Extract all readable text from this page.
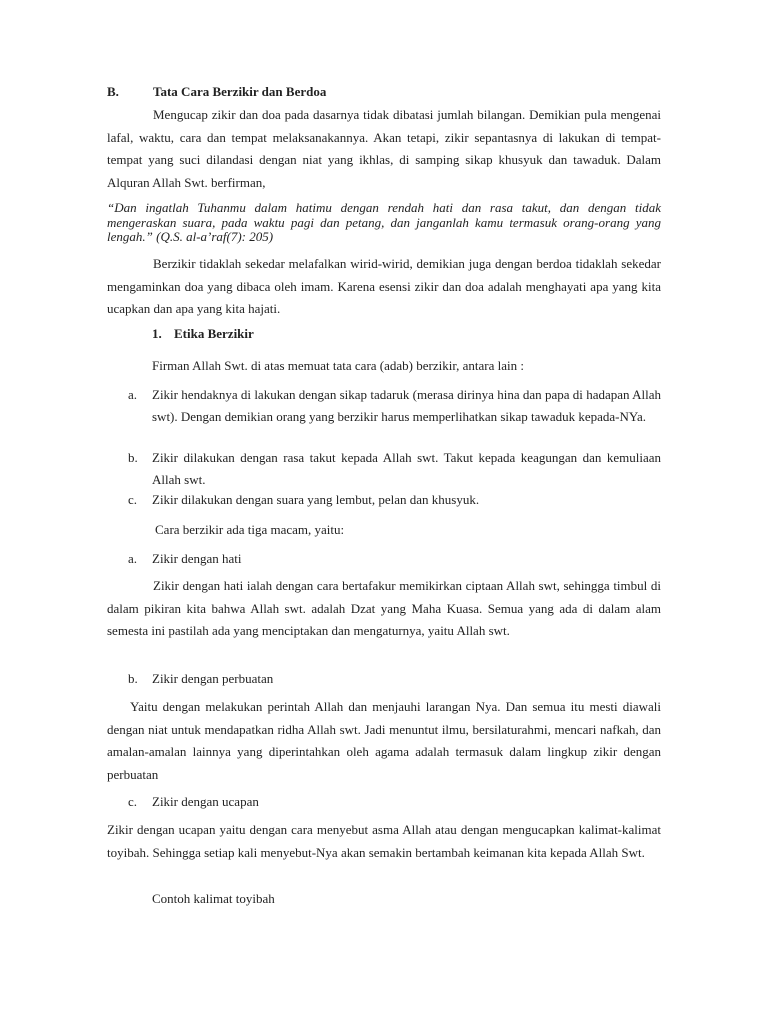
B.	Tata Cara Berzikir dan Berdoa
Mengucap zikir dan doa pada dasarnya tidak dibatasi jumlah bilangan. Demikian pula mengenai lafal, waktu, cara dan tempat melaksanakannya. Akan tetapi, zikir sepantasnya di lakukan di tempat-tempat yang suci dilandasi dengan niat yang ikhlas, di samping sikap khusyuk dan tawaduk. Dalam Alquran Allah Swt. berfirman,
“Dan ingatlah Tuhanmu dalam hatimu dengan rendah hati dan rasa takut, dan dengan tidak mengeraskan suara, pada waktu pagi dan petang, dan janganlah kamu termasuk orang-orang yang lengah.” (Q.S. al-a’raf(7): 205)
Berzikir tidaklah sekedar melafalkan wirid-wirid, demikian juga dengan berdoa tidaklah sekedar mengaminkan doa yang dibaca oleh imam. Karena esensi zikir dan doa adalah menghayati apa yang kita ucapkan dan apa yang kita hajati.
1. Etika Berzikir
Firman Allah Swt. di atas memuat tata cara (adab) berzikir, antara lain :
a.	Zikir hendaknya di lakukan dengan sikap tadaruk (merasa dirinya hina dan papa di hadapan Allah swt). Dengan demikian orang yang berzikir harus memperlihatkan sikap tawaduk kepada-NYa.
b.	Zikir dilakukan dengan rasa takut kepada Allah swt. Takut kepada keagungan dan kemuliaan Allah swt.
c.	Zikir dilakukan dengan suara yang lembut, pelan dan khusyuk.
Cara berzikir ada tiga macam, yaitu:
a.	Zikir dengan hati
Zikir dengan hati ialah dengan cara bertafakur memikirkan ciptaan Allah swt, sehingga timbul di dalam pikiran kita bahwa Allah swt. adalah Dzat yang Maha Kuasa. Semua yang ada di dalam alam semesta ini pastilah ada yang menciptakan dan mengaturnya, yaitu Allah swt.
b.	Zikir dengan perbuatan
Yaitu dengan melakukan perintah Allah dan menjauhi larangan Nya. Dan semua itu mesti diawali dengan niat untuk mendapatkan ridha Allah swt. Jadi menuntut ilmu, bersilaturahmi, mencari nafkah, dan amalan-amalan lainnya yang diperintahkan oleh agama adalah termasuk dalam lingkup zikir dengan perbuatan
c.	Zikir dengan ucapan
Zikir dengan ucapan yaitu dengan cara menyebut asma Allah atau dengan mengucapkan kalimat-kalimat toyibah. Sehingga setiap kali menyebut-Nya akan semakin bertambah keimanan kita kepada Allah Swt.
Contoh kalimat toyibah
